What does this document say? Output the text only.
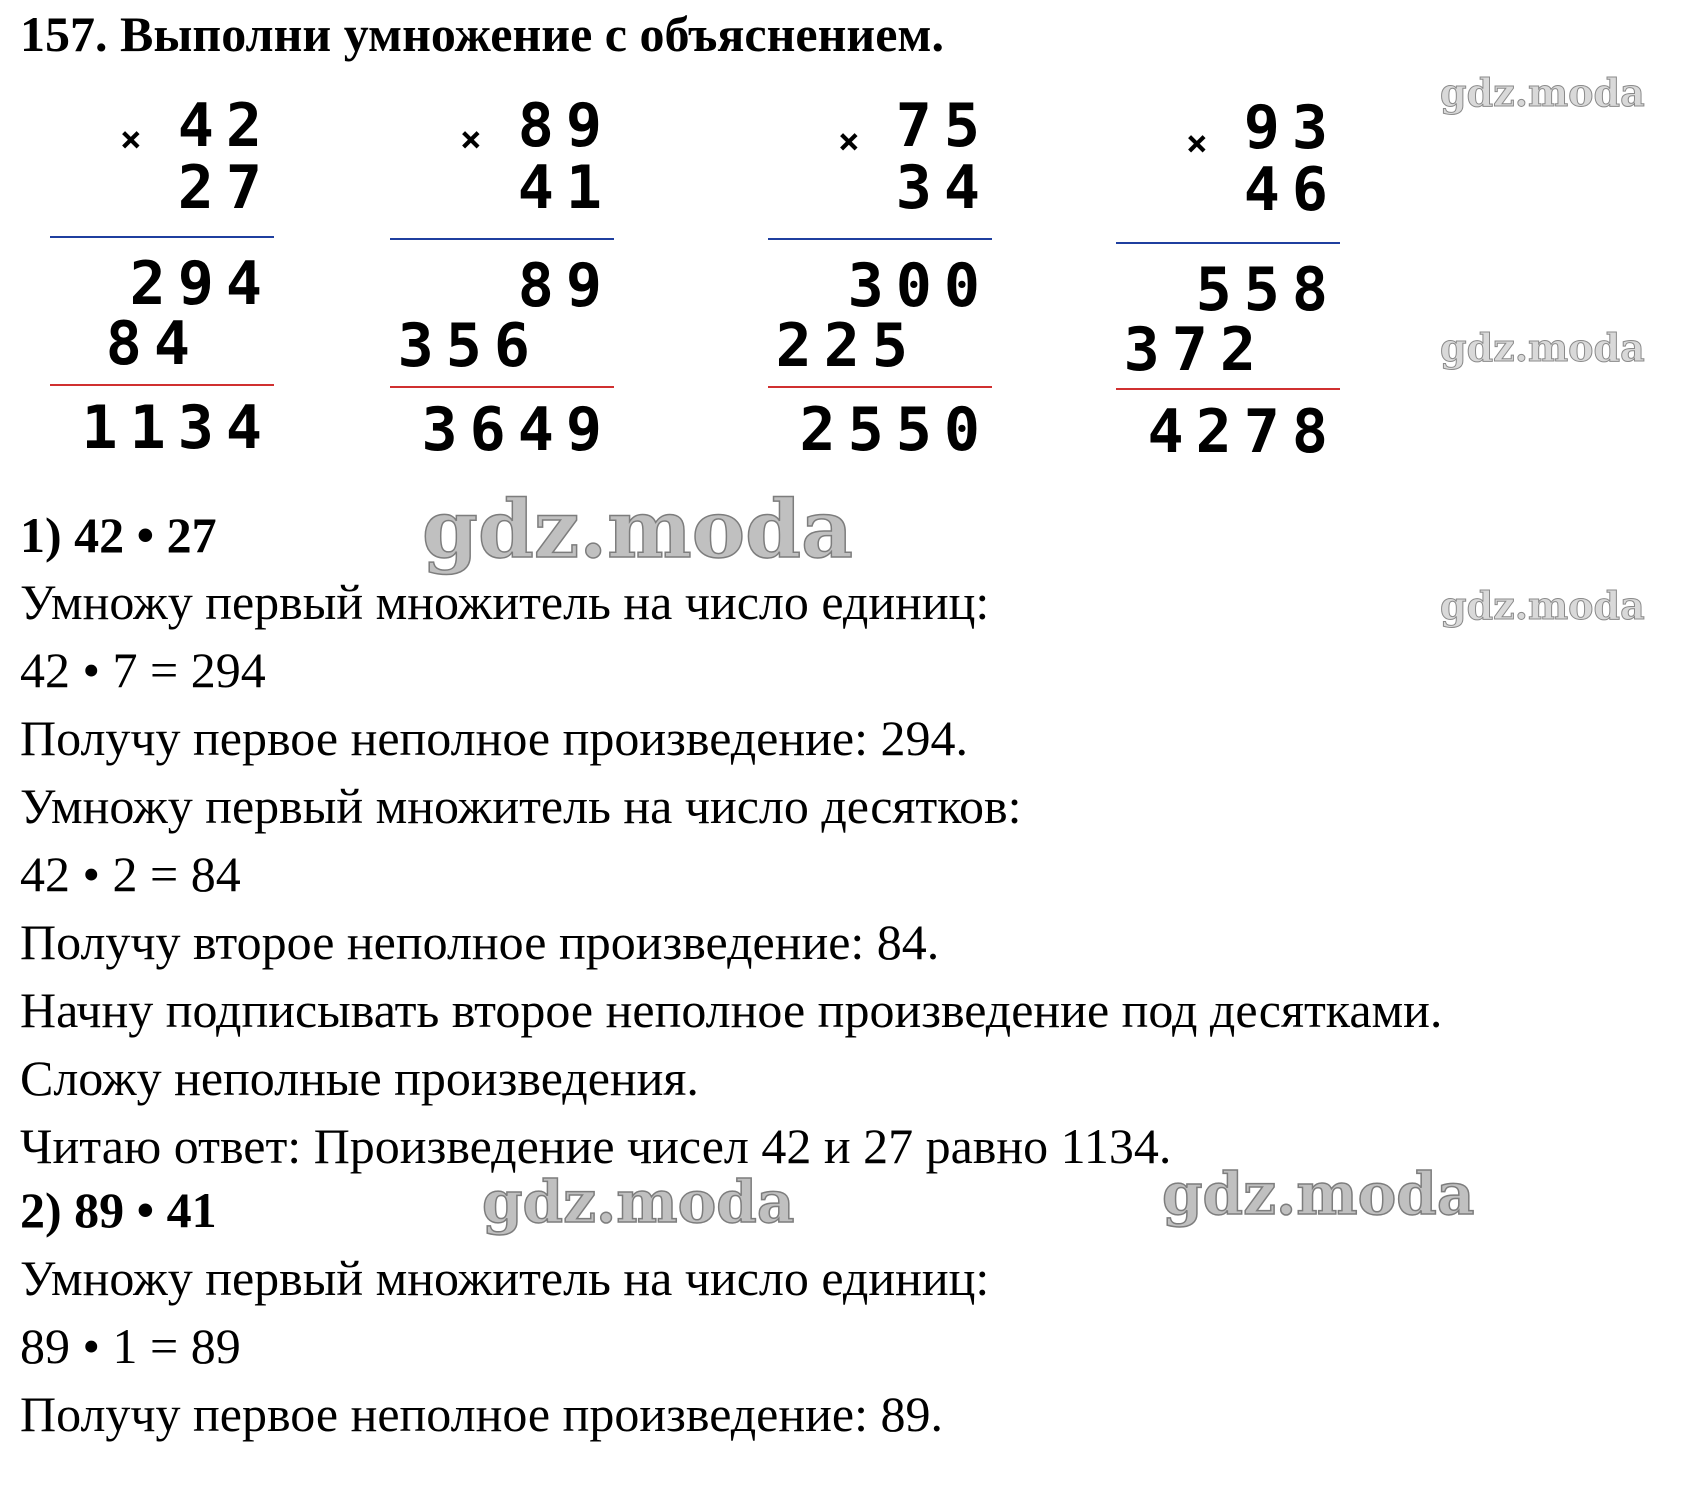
157. Выполни умножение с объяснением.
× 42
27
294
84
1134
× 89
41
89
356
3649
× 75
34
300
225
2550
× 93
46
558
372
4278
gdz.moda
gdz.moda
gdz.moda
gdz.moda
gdz.moda	gdz.moda
1) 42 • 27
Умножу первый множитель на число единиц:
42 • 7 = 294
Получу первое неполное произведение: 294.
Умножу первый множитель на число десятков:
42 • 2 = 84
Получу второе неполное произведение: 84.
Начну подписывать второе неполное произведение под десятками.
Сложу неполные произведения.
Читаю ответ: Произведение чисел 42 и 27 равно 1134.
2) 89 • 41
Умножу первый множитель на число единиц:
89 • 1 = 89
Получу первое неполное произведение: 89.
